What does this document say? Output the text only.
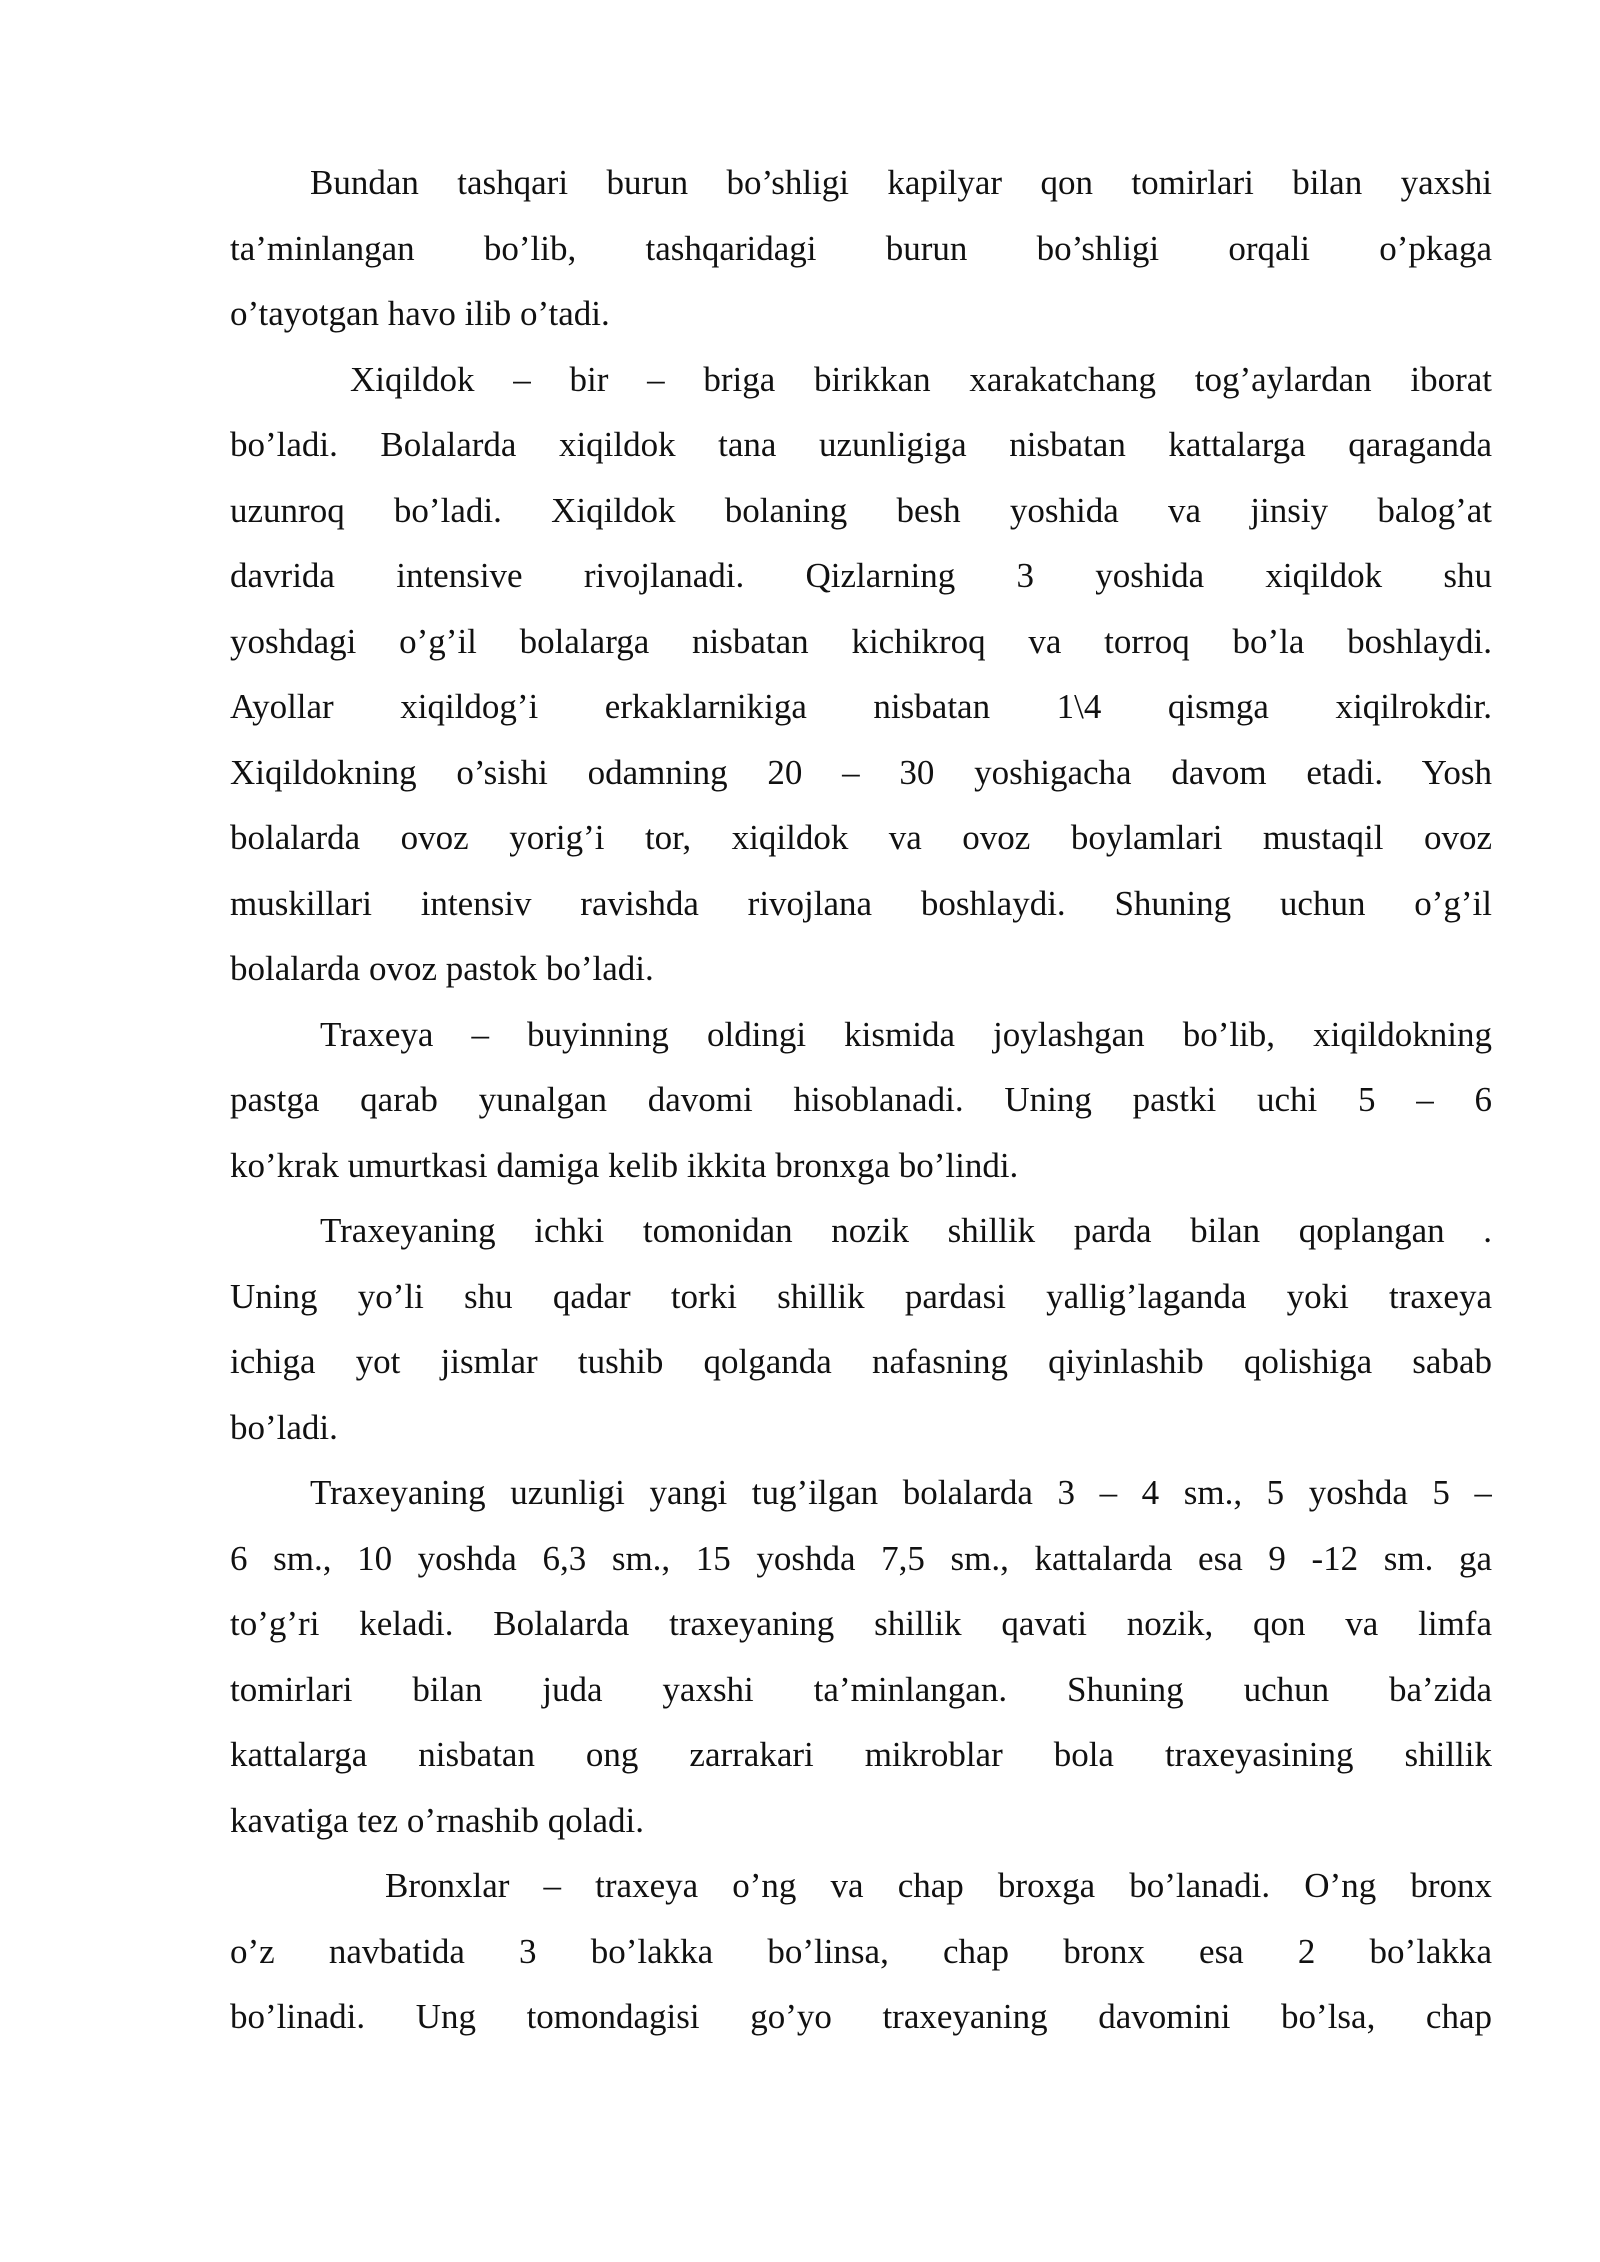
Bundan tashqari burun bo’shligi kapilyar qon tomirlari bilan yaxshi
ta’minlangan bo’lib, tashqaridagi burun bo’shligi orqali o’pkaga
o’tayotgan havo ilib o’tadi.
Xiqildok – bir – briga birikkan xarakatchang tog’aylardan iborat
bo’ladi. Bolalarda xiqildok tana uzunligiga nisbatan kattalarga qaraganda
uzunroq bo’ladi. Xiqildok bolaning besh yoshida va jinsiy balog’at
davrida intensive rivojlanadi. Qizlarning 3 yoshida xiqildok shu
yoshdagi o’g’il bolalarga nisbatan kichikroq va torroq bo’la boshlaydi.
Ayollar xiqildog’i erkaklarnikiga nisbatan 1\4 qismga xiqilrokdir.
Xiqildokning o’sishi odamning 20 – 30 yoshigacha davom etadi. Yosh
bolalarda ovoz yorig’i tor, xiqildok va ovoz boylamlari mustaqil ovoz
muskillari intensiv ravishda rivojlana boshlaydi. Shuning uchun o’g’il
bolalarda ovoz pastok bo’ladi.
Traxeya – buyinning oldingi kismida joylashgan bo’lib, xiqildokning
pastga qarab yunalgan davomi hisoblanadi. Uning pastki uchi 5 – 6
ko’krak umurtkasi damiga kelib ikkita bronxga bo’lindi.
Traxeyaning ichki tomonidan nozik shillik parda bilan qoplangan .
Uning yo’li shu qadar torki shillik pardasi yallig’laganda yoki traxeya
ichiga yot jismlar tushib qolganda nafasning qiyinlashib qolishiga sabab
bo’ladi.
Traxeyaning uzunligi yangi tug’ilgan bolalarda 3 – 4 sm., 5 yoshda 5 –
6 sm., 10 yoshda 6,3 sm., 15 yoshda 7,5 sm., kattalarda esa 9 -12 sm. ga
to’g’ri keladi. Bolalarda traxeyaning shillik qavati nozik, qon va limfa
tomirlari bilan juda yaxshi ta’minlangan. Shuning uchun ba’zida
kattalarga nisbatan ong zarrakari mikroblar bola traxeyasining shillik
kavatiga tez o’rnashib qoladi.
Bronxlar – traxeya o’ng va chap broxga bo’lanadi. O’ng bronx
o’z navbatida 3 bo’lakka bo’linsa, chap bronx esa 2 bo’lakka
bo’linadi. Ung tomondagisi go’yo traxeyaning davomini bo’lsa, chap
